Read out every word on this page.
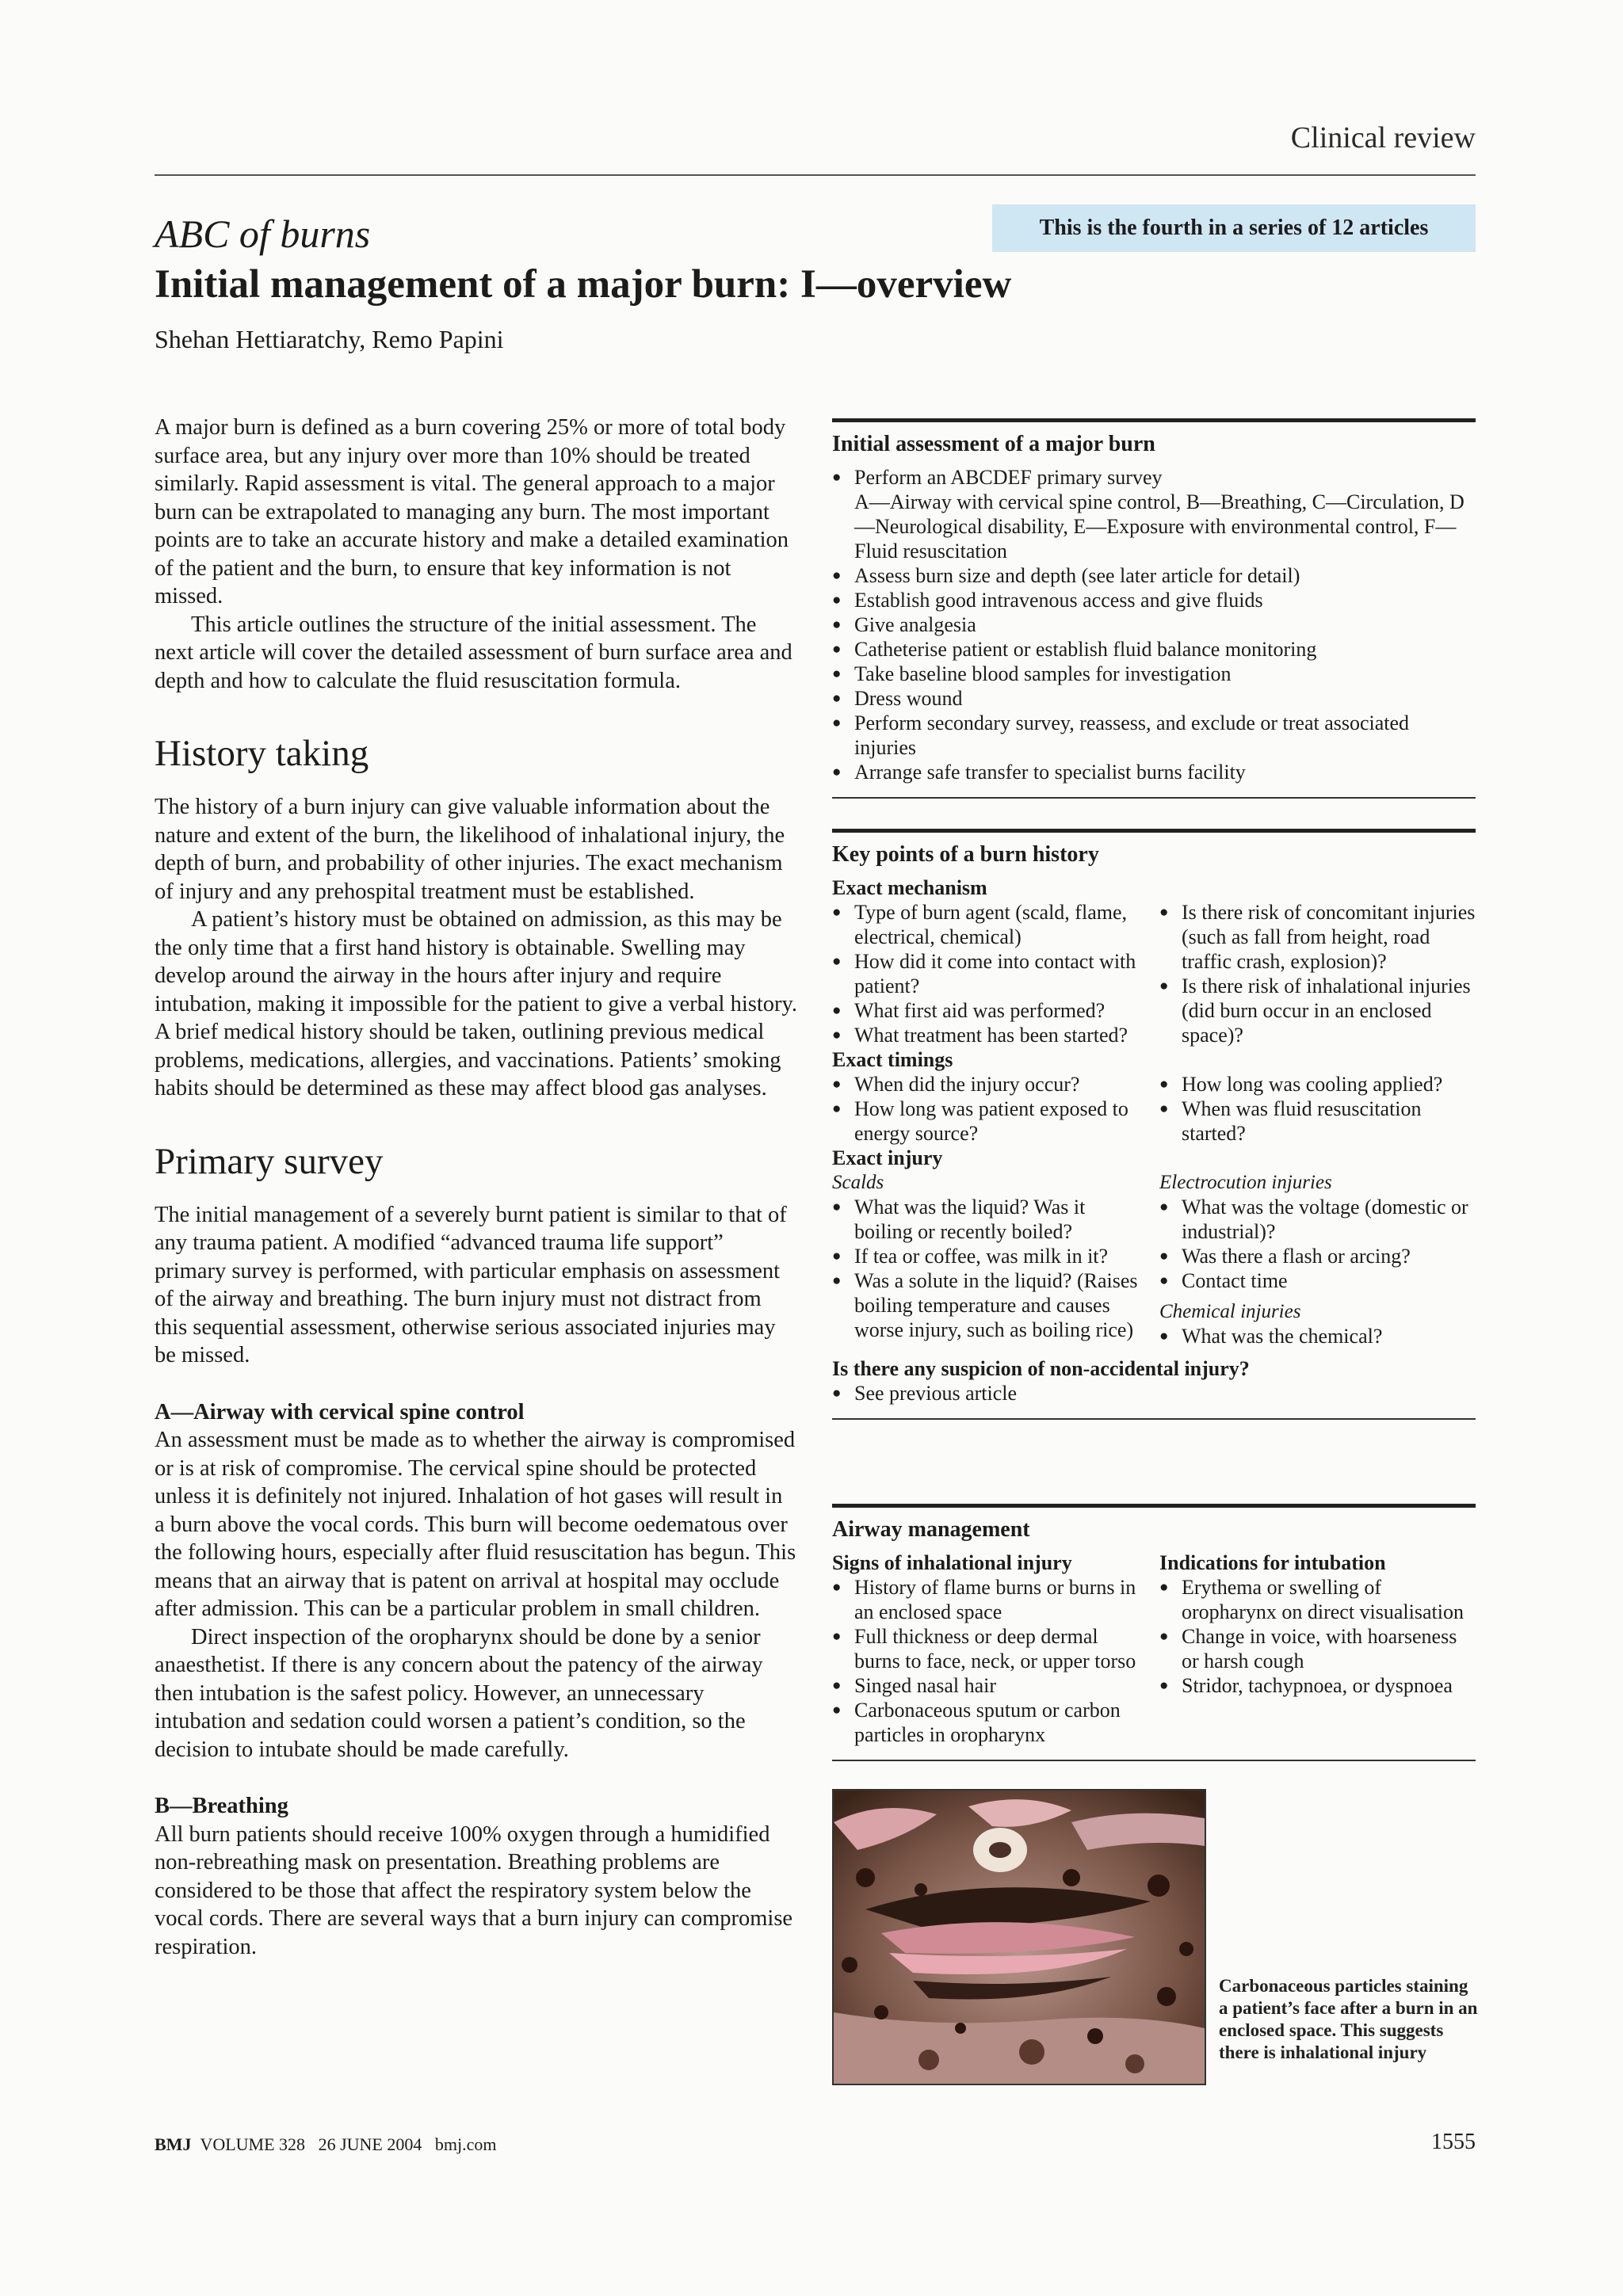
Clinical review
This is the fourth in a series of 12 articles
ABC of burns
Initial management of a major burn: I—overview
Shehan Hettiaratchy, Remo Papini

A major burn is defined as a burn covering 25% or more of total body surface area, but any injury over more than 10% should be treated similarly. Rapid assessment is vital. The general approach to a major burn can be extrapolated to managing any burn. The most important points are to take an accurate history and make a detailed examination of the patient and the burn, to ensure that key information is not missed.

This article outlines the structure of the initial assessment. The next article will cover the detailed assessment of burn surface area and depth and how to calculate the fluid resuscitation formula.

History taking

The history of a burn injury can give valuable information about the nature and extent of the burn, the likelihood of inhalational injury, the depth of burn, and probability of other injuries. The exact mechanism of injury and any prehospital treatment must be established.

A patient’s history must be obtained on admission, as this may be the only time that a first hand history is obtainable. Swelling may develop around the airway in the hours after injury and require intubation, making it impossible for the patient to give a verbal history. A brief medical history should be taken, outlining previous medical problems, medications, allergies, and vaccinations. Patients’ smoking habits should be determined as these may affect blood gas analyses.

Primary survey

The initial management of a severely burnt patient is similar to that of any trauma patient. A modified “advanced trauma life support” primary survey is performed, with particular emphasis on assessment of the airway and breathing. The burn injury must not distract from this sequential assessment, otherwise serious associated injuries may be missed.

A—Airway with cervical spine control

An assessment must be made as to whether the airway is compromised or is at risk of compromise. The cervical spine should be protected unless it is definitely not injured. Inhalation of hot gases will result in a burn above the vocal cords. This burn will become oedematous over the following hours, especially after fluid resuscitation has begun. This means that an airway that is patent on arrival at hospital may occlude after admission. This can be a particular problem in small children.

Direct inspection of the oropharynx should be done by a senior anaesthetist. If there is any concern about the patency of the airway then intubation is the safest policy. However, an unnecessary intubation and sedation could worsen a patient’s condition, so the decision to intubate should be made carefully.

B—Breathing

All burn patients should receive 100% oxygen through a humidified non-rebreathing mask on presentation. Breathing problems are considered to be those that affect the respiratory system below the vocal cords. There are several ways that a burn injury can compromise respiration.

Initial assessment of a major burn
● Perform an ABCDEF primary survey
A—Airway with cervical spine control, B—Breathing, C—Circulation, D—Neurological disability, E—Exposure with environmental control, F—Fluid resuscitation
● Assess burn size and depth (see later article for detail)
● Establish good intravenous access and give fluids
● Give analgesia
● Catheterise patient or establish fluid balance monitoring
● Take baseline blood samples for investigation
● Dress wound
● Perform secondary survey, reassess, and exclude or treat associated injuries
● Arrange safe transfer to specialist burns facility
Key points of a burn history
Exact mechanism
● Type of burn agent (scald, flame, electrical, chemical)
● How did it come into contact with patient?
● What first aid was performed?
● What treatment has been started?
● Is there risk of concomitant injuries (such as fall from height, road traffic crash, explosion)?
● Is there risk of inhalational injuries (did burn occur in an enclosed space)?
Exact timings
● When did the injury occur?
● How long was patient exposed to energy source?
● How long was cooling applied?
● When was fluid resuscitation started?
Exact injury
Scalds
● What was the liquid? Was it boiling or recently boiled?
● If tea or coffee, was milk in it?
● Was a solute in the liquid? (Raises boiling temperature and causes worse injury, such as boiling rice)
Electrocution injuries
● What was the voltage (domestic or industrial)?
● Was there a flash or arcing?
● Contact time
Chemical injuries
● What was the chemical?
Is there any suspicion of non-accidental injury?
● See previous article
Airway management
Signs of inhalational injury
● History of flame burns or burns in an enclosed space
● Full thickness or deep dermal burns to face, neck, or upper torso
● Singed nasal hair
● Carbonaceous sputum or carbon particles in oropharynx
Indications for intubation
● Erythema or swelling of oropharynx on direct visualisation
● Change in voice, with hoarseness or harsh cough
● Stridor, tachypnoea, or dyspnoea
Carbonaceous particles staining a patient’s face after a burn in an enclosed space. This suggests there is inhalational injury
BMJ VOLUME 328 26 JUNE 2004 bmj.com	1555
